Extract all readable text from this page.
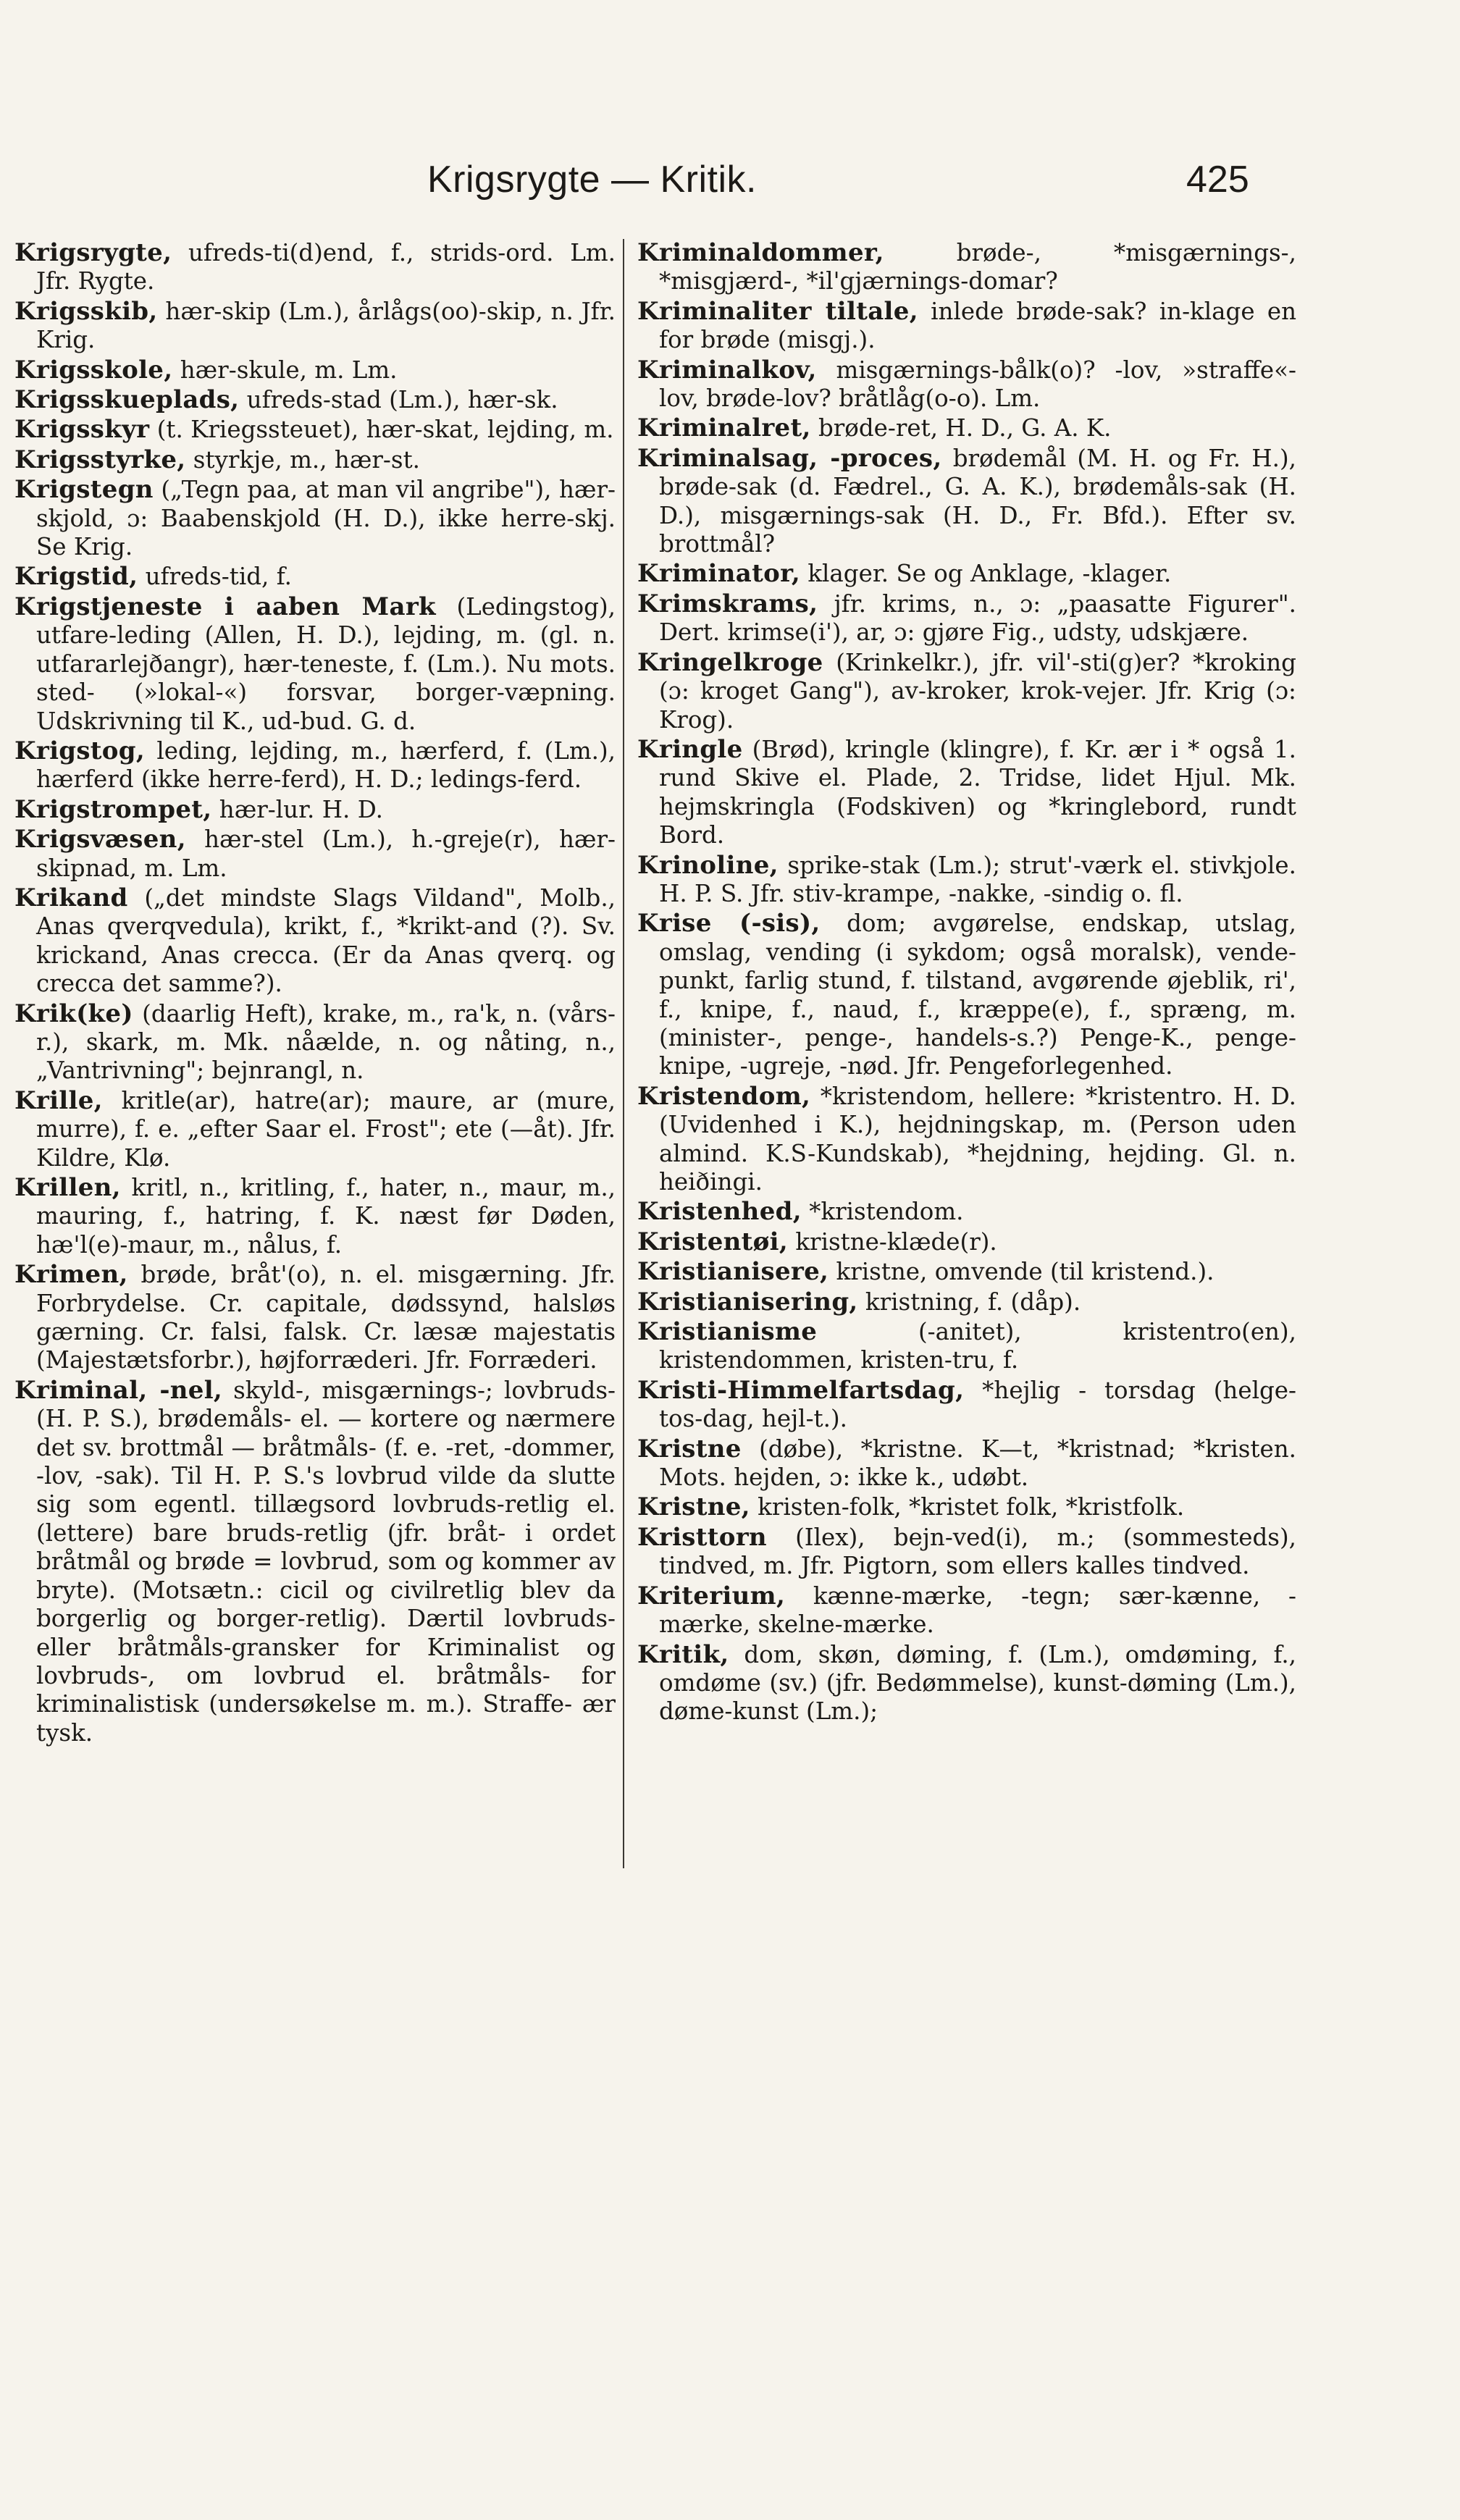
Krigsrygte — Kritik.	425

Krigsrygte, ufreds-ti(d)end, f., strids-ord. Lm. Jfr. Rygte.

Krigsskib, hær-skip (Lm.), årlågs(oo)-skip, n. Jfr. Krig.

Krigsskole, hær-skule, m. Lm.

Krigsskueplads, ufreds-stad (Lm.), hær-sk.

Krigsskyr (t. Kriegssteuet), hær-skat, lejding, m.

Krigsstyrke, styrkje, m., hær-st.

Krigstegn („Tegn paa, at man vil angribe"), hær-skjold, ɔ: Baabenskjold (H. D.), ikke herre-skj. Se Krig.

Krigstid, ufreds-tid, f.

Krigstjeneste i aaben Mark (Ledingstog), utfare-leding (Allen, H. D.), lejding, m. (gl. n. utfararlejðangr), hær-teneste, f. (Lm.). Nu mots. sted- (»lokal-«) forsvar, borger-væpning. Udskrivning til K., ud-bud. G. d.

Krigstog, leding, lejding, m., hærferd, f. (Lm.), hærferd (ikke herre-ferd), H. D.; ledings-ferd.

Krigstrompet, hær-lur. H. D.

Krigsvæsen, hær-stel (Lm.), h.-greje(r), hær-skipnad, m. Lm.

Krikand („det mindste Slags Vildand", Molb., Anas qverqvedula), krikt, f., *krikt-and (?). Sv. krickand, Anas crecca. (Er da Anas qverq. og crecca det samme?).

Krik(ke) (daarlig Heft), krake, m., ra'k, n. (vårs-r.), skark, m. Mk. nåælde, n. og nåting, n., „Vantrivning"; bejnrangl, n.

Krille, kritle(ar), hatre(ar); maure, ar (mure, murre), f. e. „efter Saar el. Frost"; ete (—åt). Jfr. Kildre, Klø.

Krillen, kritl, n., kritling, f., hater, n., maur, m., mauring, f., hatring, f. K. næst før Døden, hæ'l(e)-maur, m., nålus, f.

Krimen, brøde, bråt'(o), n. el. misgærning. Jfr. Forbrydelse. Cr. capitale, dødssynd, halsløs gærning. Cr. falsi, falsk. Cr. læsæ majestatis (Majestætsforbr.), højforræderi. Jfr. Forræderi.

Kriminal, -nel, skyld-, misgærnings-; lovbruds- (H. P. S.), brødemåls- el. — kortere og nærmere det sv. brottmål — bråtmåls- (f. e. -ret, -dommer, -lov, -sak). Til H. P. S.'s lovbrud vilde da slutte sig som egentl. tillægsord lovbruds-retlig el. (lettere) bare bruds-retlig (jfr. bråt- i ordet bråtmål og brøde = lovbrud, som og kommer av bryte). (Motsætn.: cicil og civilretlig blev da borgerlig og borger-retlig). Dærtil lovbruds- eller bråtmåls-gransker for Kriminalist og lovbruds-, om lovbrud el. bråtmåls- for kriminalistisk (undersøkelse m. m.). Straffe- ær tysk.

Kriminaldommer,	brøde-, *misgærnings-, *misgjærd-, *il'gjærnings-domar?

Kriminaliter tiltale, inlede brøde-sak? in-klage en for brøde (misgj.).

Kriminalkov, misgærnings-bålk(o)? -lov, »straffe«-lov, brøde-lov? bråtlåg(o-o). Lm.

Kriminalret, brøde-ret, H. D., G. A. K.

Kriminalsag, -proces, brødemål (M. H. og Fr. H.), brøde-sak (d. Fædrel., G. A. K.), brødemåls-sak (H. D.), misgærnings-sak (H. D., Fr. Bfd.). Efter sv. brottmål?

Kriminator, klager. Se og Anklage, -klager.

Krimskrams, jfr. krims, n., ɔ: „paasatte Figurer". Dert. krimse(i'), ar, ɔ: gjøre Fig., udsty, udskjære.

Kringelkroge (Krinkelkr.), jfr. vil'-sti(g)er? *kroking (ɔ: kroget Gang"), av-kroker, krok-vejer. Jfr. Krig (ɔ: Krog).

Kringle (Brød), kringle (klingre), f. Kr. ær i * også 1. rund Skive el. Plade, 2. Tridse, lidet Hjul. Mk. hejmskringla (Fodskiven) og *kringlebord, rundt Bord.

Krinoline, sprike-stak (Lm.); strut'-værk el. stivkjole. H. P. S. Jfr. stiv-krampe, -nakke, -sindig o. fl.

Krise (-sis), dom; avgørelse, endskap, utslag, omslag, vending (i sykdom; også moralsk), vende-punkt, farlig stund, f. tilstand, avgørende øjeblik, ri', f., knipe, f., naud, f., kræppe(e), f., spræng, m. (minister-, penge-, handels-s.?) Penge-K., penge-knipe, -ugreje, -nød. Jfr. Pengeforlegenhed.

Kristendom, *kristendom, hellere: *kristentro. H. D. (Uvidenhed i K.), hejdningskap, m. (Person uden almind. K.S-Kundskab), *hejdning, hejding. Gl. n. heiðingi.

Kristenhed, *kristendom.

Kristentøi, kristne-klæde(r).

Kristianisere, kristne, omvende (til kristend.).

Kristianisering, kristning, f. (dåp).

Kristianisme	(-anitet), kristentro(en), kristendommen, kristen-tru, f.

Kristi-Himmelfartsdag, *hejlig - torsdag (helge-tos-dag, hejl-t.).

Kristne (døbe), *kristne. K—t, *kristnad; *kristen. Mots. hejden, ɔ: ikke k., udøbt.

Kristne, kristen-folk, *kristet folk, *kristfolk.

Kristtorn (Ilex), bejn-ved(i), m.; (sommesteds), tindved, m. Jfr. Pigtorn, som ellers kalles tindved.

Kriterium, kænne-mærke, -tegn; sær-kænne, -mærke, skelne-mærke.

Kritik, dom, skøn, døming, f. (Lm.), omdøming, f., omdøme (sv.) (jfr. Bedømmelse), kunst-døming (Lm.), døme-kunst (Lm.);
